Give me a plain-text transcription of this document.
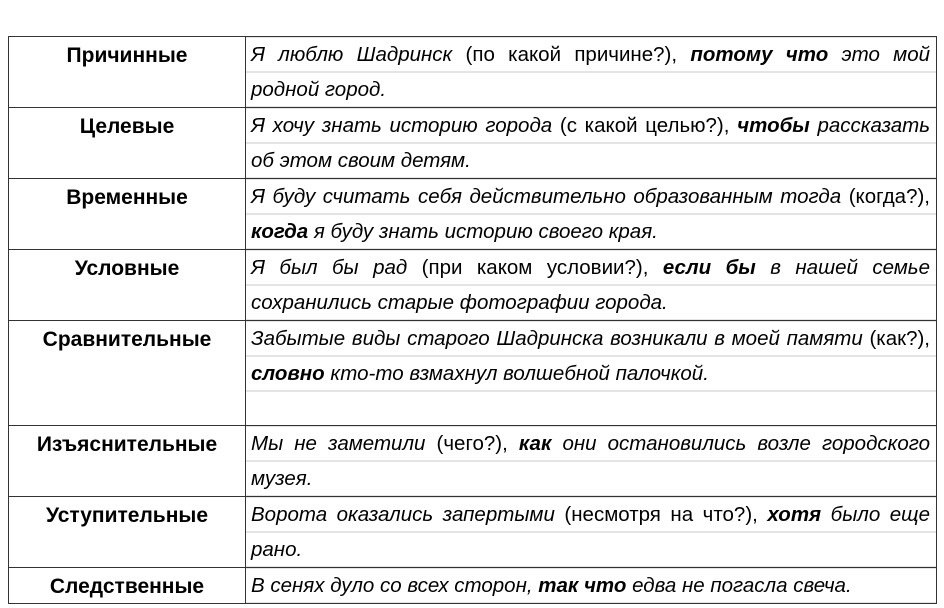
Причинные	Я люблю Шадринск (по какой причине?), потому что это мой родной город.

Целевые	Я хочу знать историю города (с какой целью?), чтобы рассказать об этом своим детям.

Временные	Я буду считать себя действительно образованным тогда (когда?), когда я буду знать историю своего края.

Условные	Я был бы рад (при каком условии?), если бы в нашей семье сохранились старые фотографии города.

Сравнительные	Забытые виды старого Шадринска возникали в моей памяти (как?), словно кто-то взмахнул волшебной палочкой.

Изъяснительные	Мы не заметили (чего?), как они остановились возле городского музея.

Уступительные	Ворота оказались запертыми (несмотря на что?), хотя было еще рано.

Следственные	В сенях дуло со всех сторон, так что едва не погасла свеча.
